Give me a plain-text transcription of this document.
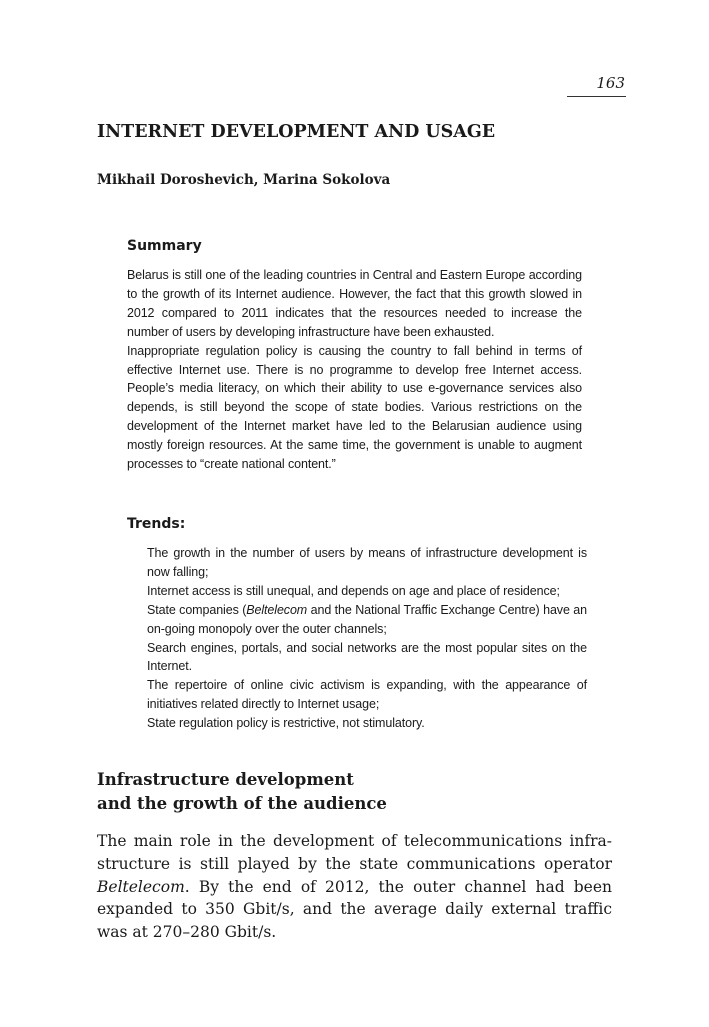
163
INTERNET DEVELOPMENT AND USAGE

Mikhail Doroshevich, Marina Sokolova

Summary

Belarus is still one of the leading countries in Central and Eastern Europe according to the growth of its Internet audience. However, the fact that this growth slowed in 2012 compared to 2011 indicates that the resources needed to increase the number of users by developing infrastructure have been exhausted.

Inappropriate regulation policy is causing the country to fall behind in terms of effective Internet use. There is no programme to develop free Internet access. People’s media literacy, on which their ability to use e-governance services also depends, is still beyond the scope of state bodies. Various restrictions on the development of the Internet market have led to the Belarusian audience using mostly foreign resources. At the same time, the government is unable to augment processes to “create national content.”

Trends:
The growth in the number of users by means of infrastructure development is now falling;
Internet access is still unequal, and depends on age and place of residence;
State companies (Beltelecom and the National Traffic Exchange Centre) have an on-going monopoly over the outer channels;
Search engines, portals, and social networks are the most popular sites on the Internet.
The repertoire of online civic activism is expanding, with the appearance of initiatives related directly to Internet usage;
State regulation policy is restrictive, not stimulatory.
Infrastructure development
and the growth of the audience

The main role in the development of telecommunications infra-structure is still played by the state communications operator Beltelecom. By the end of 2012, the outer channel had been expanded to 350 Gbit/s, and the average daily external traffic was at 270–280 Gbit/s.
